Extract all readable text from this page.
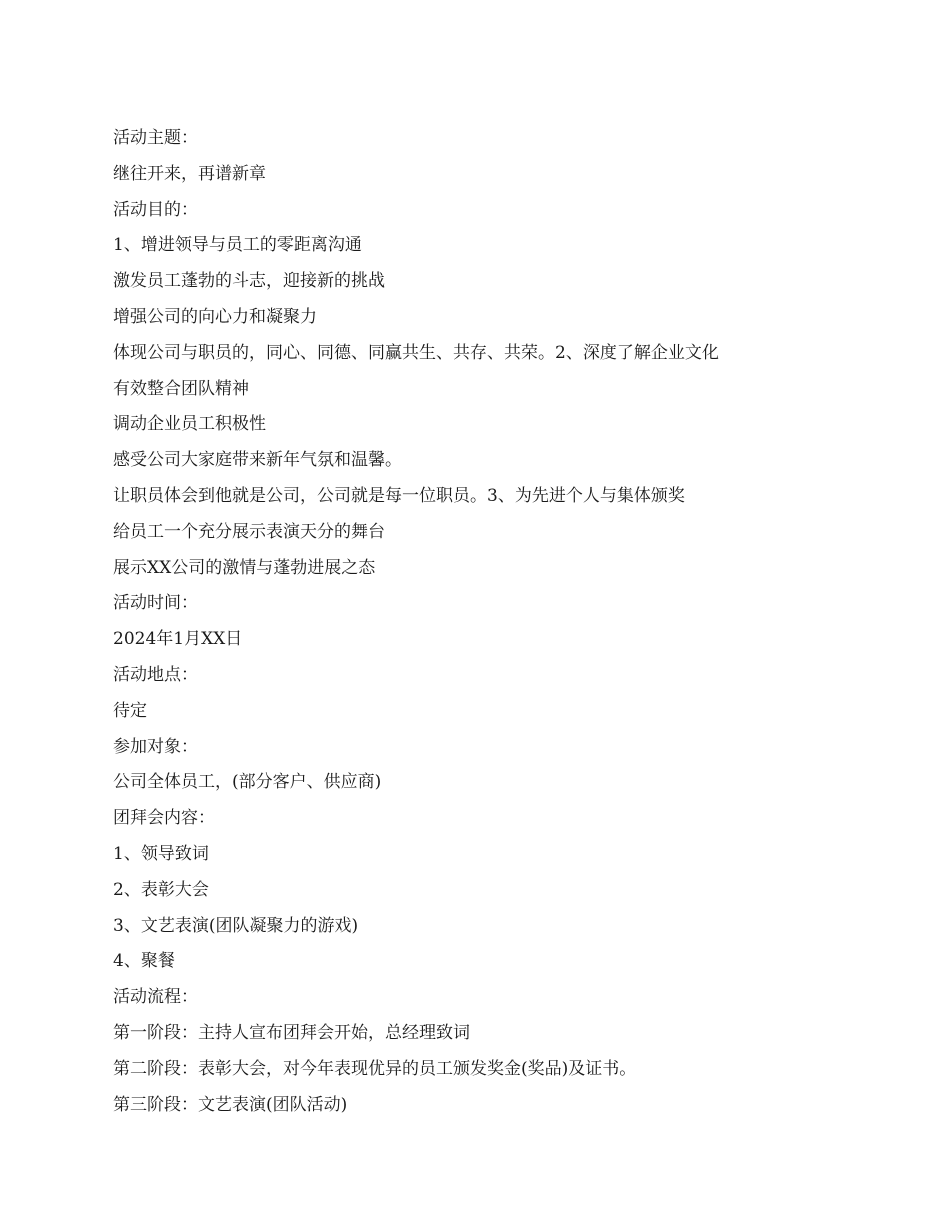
活动主题：
继往开来，再谱新章
活动目的：
1、增进领导与员工的零距离沟通
激发员工蓬勃的斗志，迎接新的挑战
增强公司的向心力和凝聚力
体现公司与职员的，同心、同德、同赢共生、共存、共荣。2、深度了解企业文化
有效整合团队精神
调动企业员工积极性
感受公司大家庭带来新年气氛和温馨。
让职员体会到他就是公司，公司就是每一位职员。3、为先进个人与集体颁奖
给员工一个充分展示表演天分的舞台
展示XX公司的激情与蓬勃进展之态
活动时间：
2024年1月XX日
活动地点：
待定
参加对象：
公司全体员工，(部分客户、供应商)
团拜会内容：
1、领导致词
2、表彰大会
3、文艺表演(团队凝聚力的游戏)
4、聚餐
活动流程：
第一阶段：主持人宣布团拜会开始，总经理致词
第二阶段：表彰大会，对今年表现优异的员工颁发奖金(奖品)及证书。
第三阶段：文艺表演(团队活动)
